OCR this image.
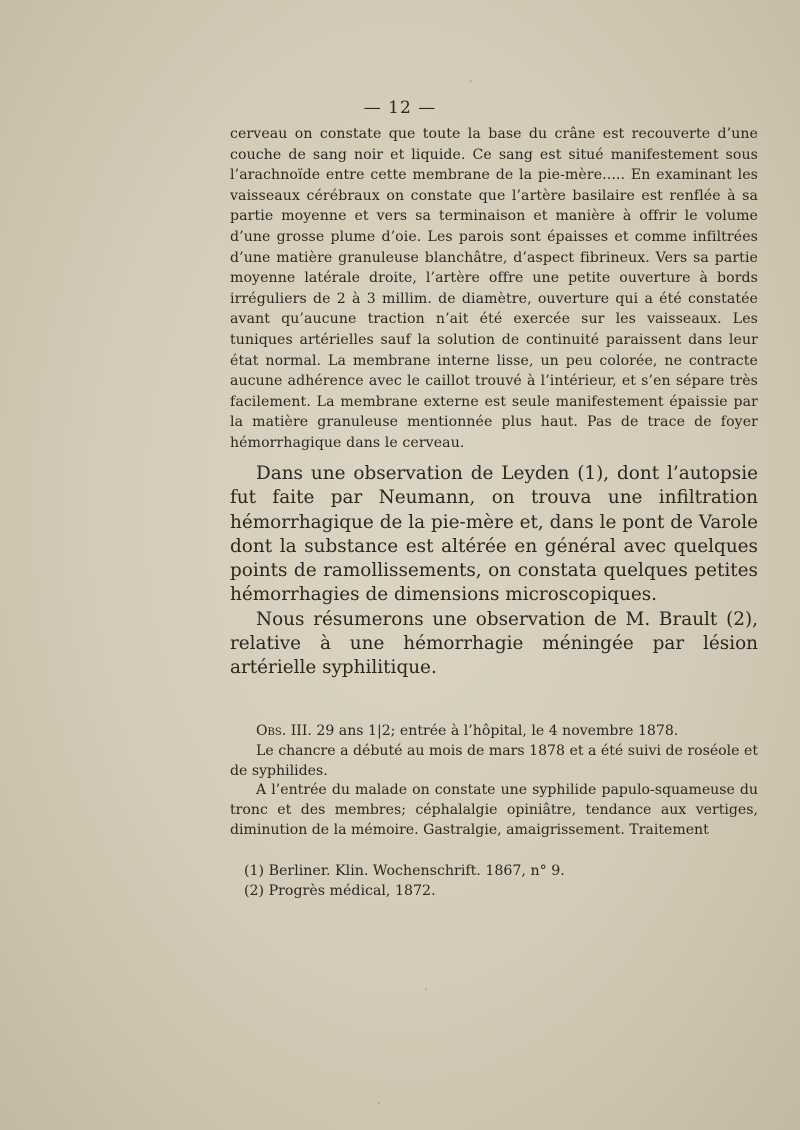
— 12 —

cerveau on constate que toute la base du crâne est recouverte d’une couche de sang noir et liquide. Ce sang est situé manifestement sous l’arachnoïde entre cette membrane de la pie-mère..... En examinant les vaisseaux cérébraux on constate que l’artère basilaire est renflée à sa partie moyenne et vers sa terminaison et manière à offrir le volume d’une grosse plume d’oie. Les parois sont épaisses et comme infiltrées d’une matière granuleuse blanchâtre, d’aspect fibrineux. Vers sa partie moyenne latérale droite, l’artère offre une petite ouverture à bords irréguliers de 2 à 3 millim. de diamètre, ouverture qui a été constatée avant qu’aucune traction n’ait été exercée sur les vaisseaux. Les tuniques artérielles sauf la solution de continuité paraissent dans leur état normal. La membrane interne lisse, un peu colorée, ne contracte aucune adhérence avec le caillot trouvé à l’intérieur, et s’en sépare très facilement. La membrane externe est seule manifestement épaissie par la matière granuleuse mentionnée plus haut. Pas de trace de foyer hémorrhagique dans le cerveau.

Dans une observation de Leyden (1), dont l’autopsie fut faite par Neumann, on trouva une infiltration hémorrhagique de la pie-mère et, dans le pont de Varole dont la substance est altérée en général avec quelques points de ramollissements, on constata quelques petites hémorrhagies de dimensions microscopiques.

Nous résumerons une observation de M. Brault (2), relative à une hémorrhagie méningée par lésion artérielle syphilitique.

Obs. III. 29 ans 1|2; entrée à l’hôpital, le 4 novembre 1878.

Le chancre a débuté au mois de mars 1878 et a été suivi de roséole et de syphilides.

A l’entrée du malade on constate une syphilide papulo-squameuse du tronc et des membres; céphalalgie opiniâtre, tendance aux vertiges, diminution de la mémoire. Gastralgie, amaigrissement. Traitement

(1) Berliner. Klin. Wochenschrift. 1867, n° 9.

(2) Progrès médical, 1872.
